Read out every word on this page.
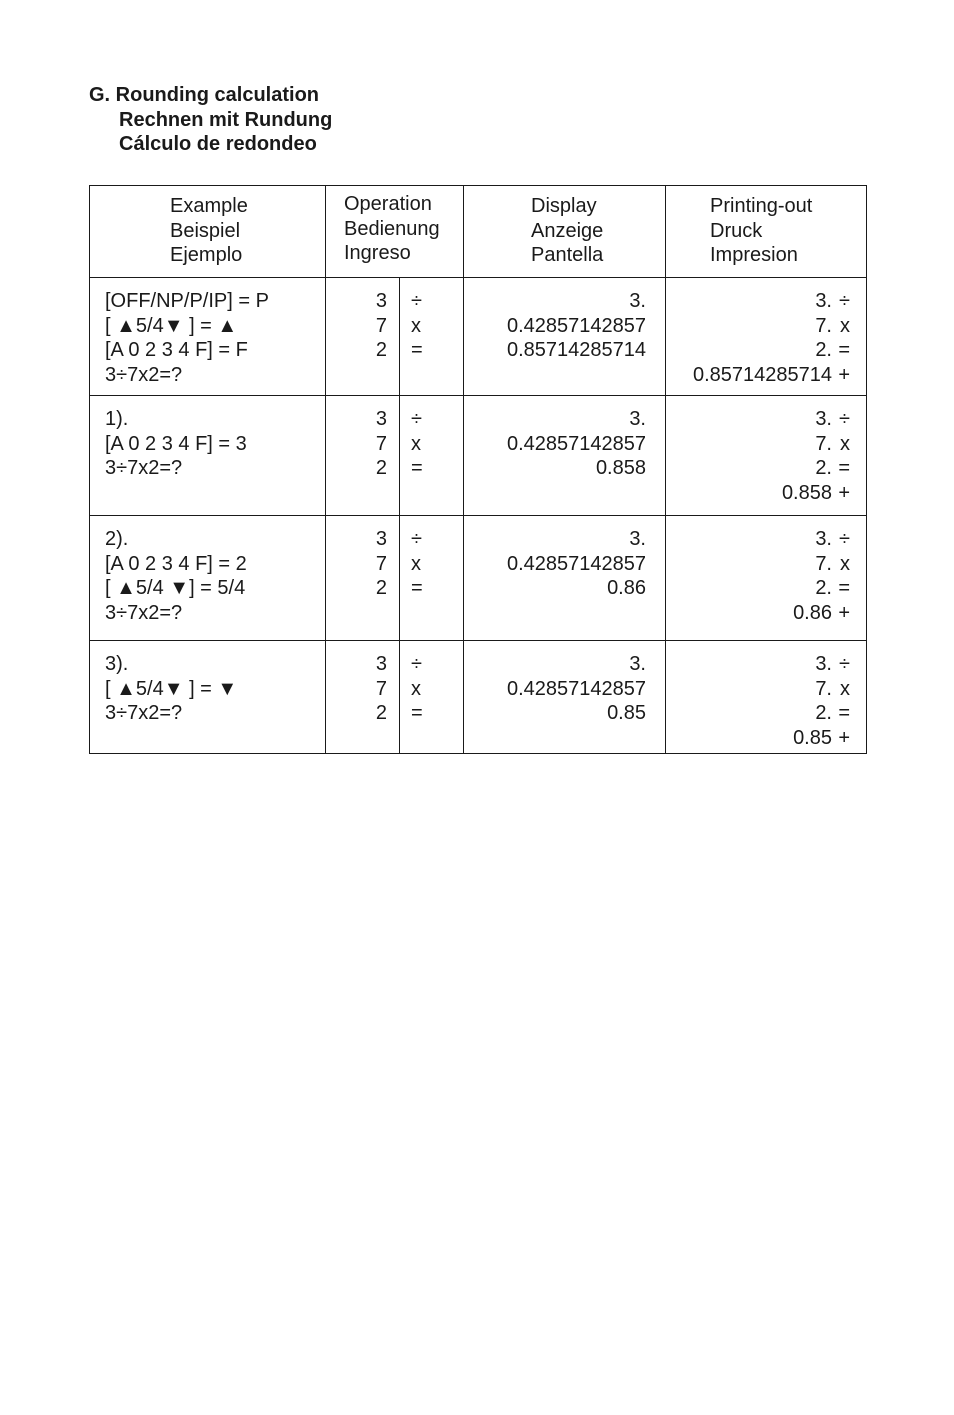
G. Rounding calculation
Rechnen mit Rundung
Cálculo de redondeo
Example
Beispiel
Ejemplo	Operation
Bedienung
Ingreso		Display
Anzeige
Pantella	Printing-out
Druck
Impresion

[OFF/NP/P/IP] = P
[ ▲5/4▼ ] = ▲
[A 0 2 3 4 F] = F
3÷7x2=?	3
7
2	÷
x
=	3.
0.42857142857
0.85714285714	3. ÷
7. x
2. =
0.85714285714 +

1).
[A 0 2 3 4 F] = 3
3÷7x2=?	3
7
2	÷
x
=	3.
0.42857142857
0.858	3. ÷
7. x
2. =
0.858 +

2).
[A 0 2 3 4 F] = 2
[ ▲5/4 ▼] = 5/4
3÷7x2=?	3
7
2	÷
x
=	3.
0.42857142857
0.86	3. ÷
7. x
2. =
0.86 +

3).
[ ▲5/4▼ ] = ▼
3÷7x2=?	3
7
2	÷
x
=	3.
0.42857142857
0.85	3. ÷
7. x
2. =
0.85 +
